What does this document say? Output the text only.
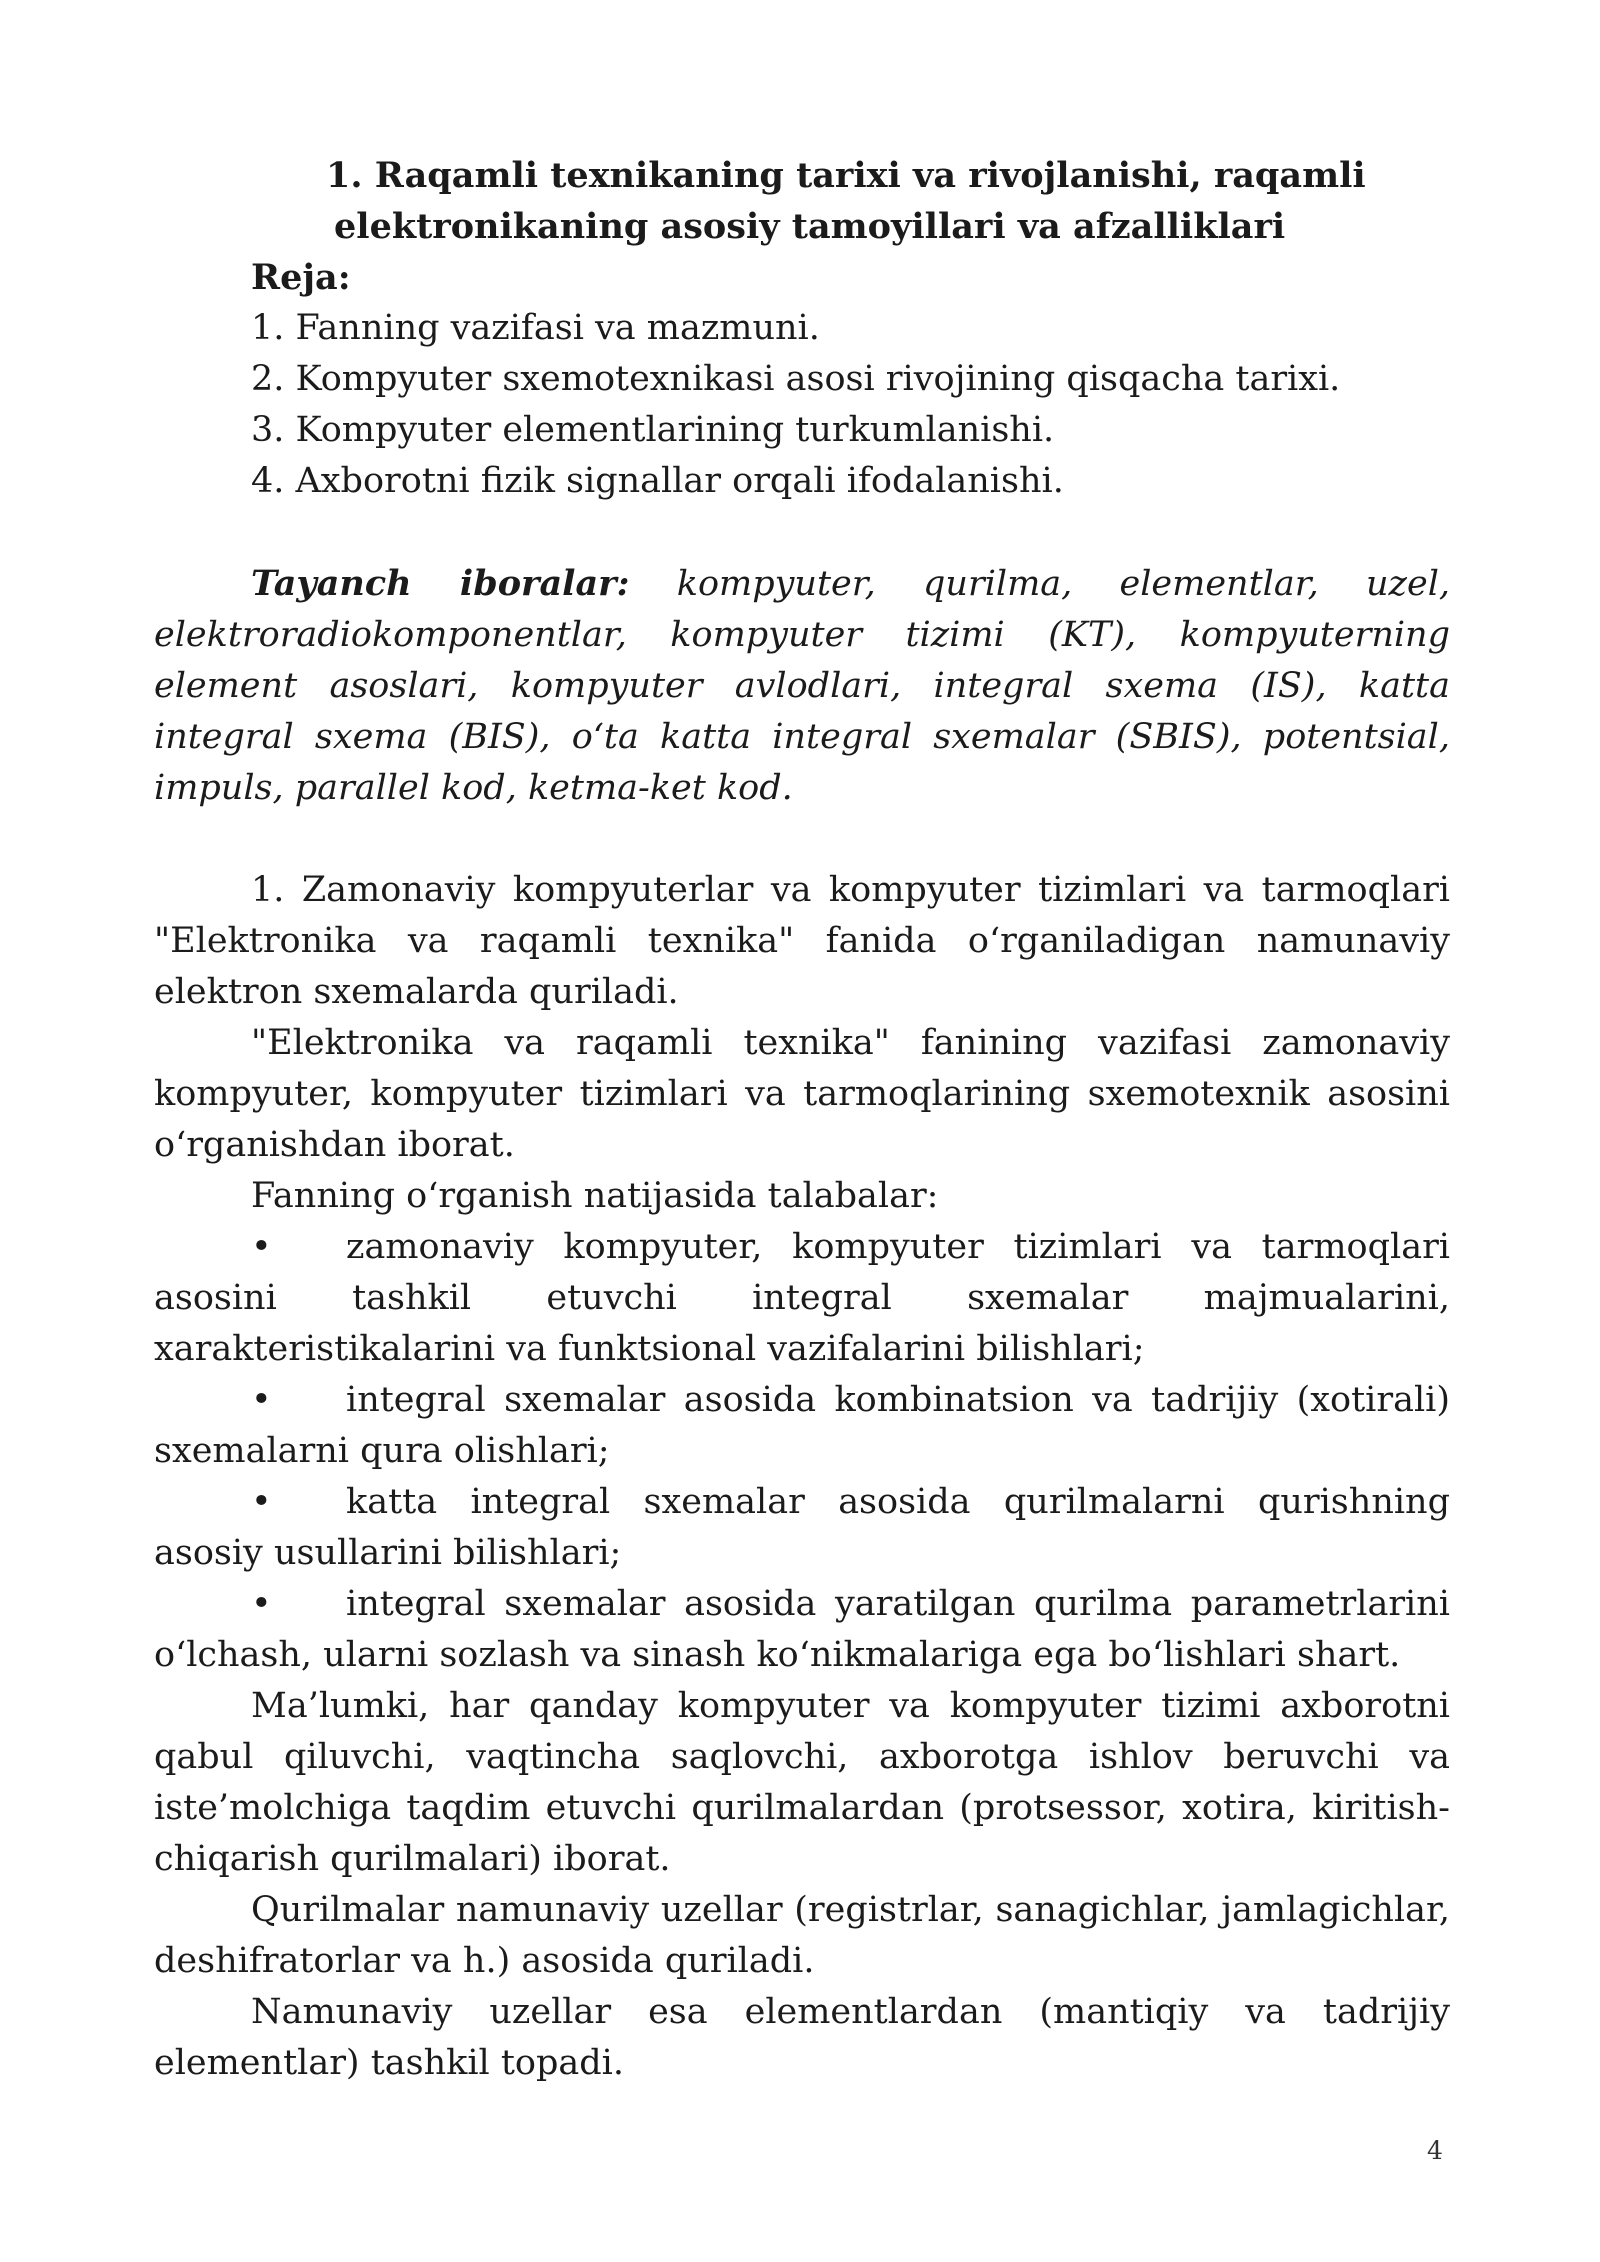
1. Raqamli texnikaning tarixi va rivojlanishi, raqamli elektronikaning asosiy tamoyillari va afzalliklari
Reja:
1. Fanning vazifasi va mazmuni.
2. Kompyuter sxemotexnikasi asosi rivojining qisqacha tarixi.
3. Kompyuter elementlarining turkumlanishi.
4. Axborotni fizik signallar orqali ifodalanishi.

Tayanch iboralar: kompyuter, qurilma, elementlar, uzel, elektroradiokomponentlar, kompyuter tizimi (KT), kompyuterning element asoslari, kompyuter avlodlari, integral sxema (IS), katta integral sxema (BIS), o‘ta katta integral sxemalar (SBIS), potentsial, impuls, parallel kod, ketma-ket kod.

1. Zamonaviy kompyuterlar va kompyuter tizimlari va tarmoqlari "Elektronika va raqamli texnika" fanida o‘rganiladigan namunaviy elektron sxemalarda quriladi.

"Elektronika va raqamli texnika" fanining vazifasi zamonaviy kompyuter, kompyuter tizimlari va tarmoqlarining sxemotexnik asosini o‘rganishdan iborat.

Fanning o‘rganish natijasida talabalar:

• zamonaviy kompyuter, kompyuter tizimlari va tarmoqlari asosini tashkil etuvchi integral sxemalar majmualarini, xarakteristikalarini va funktsional vazifalarini bilishlari;

• integral sxemalar asosida kombinatsion va tadrijiy (xotirali) sxemalarni qura olishlari;

• katta integral sxemalar asosida qurilmalarni qurishning asosiy usullarini bilishlari;

• integral sxemalar asosida yaratilgan qurilma parametrlarini o‘lchash, ularni sozlash va sinash ko‘nikmalariga ega bo‘lishlari shart.

Ma’lumki, har qanday kompyuter va kompyuter tizimi axborotni qabul qiluvchi, vaqtincha saqlovchi, axborotga ishlov beruvchi va iste’molchiga taqdim etuvchi qurilmalardan (protsessor, xotira, kiritish-chiqarish qurilmalari) iborat.

Qurilmalar namunaviy uzellar (registrlar, sanagichlar, jamlagichlar, deshifratorlar va h.) asosida quriladi.

Namunaviy uzellar esa elementlardan (mantiqiy va tadrijiy elementlar) tashkil topadi.

4
